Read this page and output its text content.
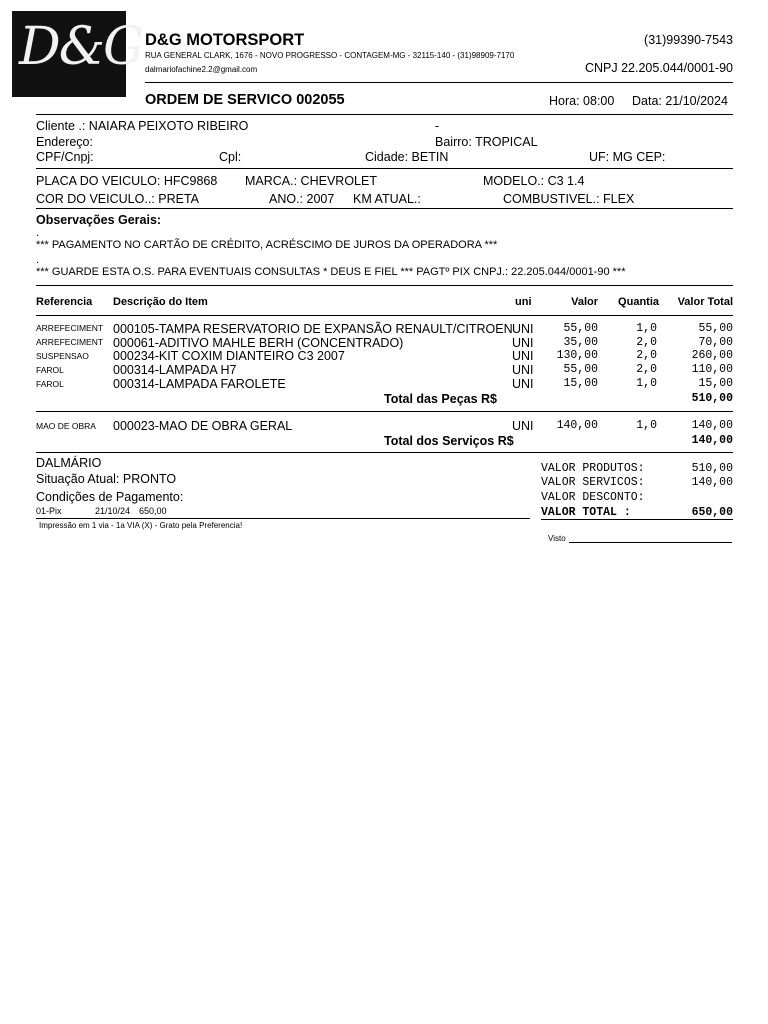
D&G D&G MOTORSPORT	(31)99390-7543
RUA GENERAL CLARK, 1676 - NOVO PROGRESSO - CONTAGEM-MG - 32115-140 - (31)98909-7170
dalmariofachine2.2@gmail.com	CNPJ 22.205.044/0001-90
ORDEM DE SERVICO 002055	Hora: 08:00 Data: 21/10/2024
Cliente .: NAIARA PEIXOTO RIBEIRO	-
Endereço:	Bairro: TROPICAL
CPF/Cnpj:	Cpl:	Cidade: BETIN	UF: MG CEP:
PLACA DO VEICULO: HFC9868 MARCA.: CHEVROLET	MODELO.: C3 1.4
COR DO VEICULO..: PRETA	ANO.: 2007 KM ATUAL.:	COMBUSTIVEL.: FLEX
Observações Gerais:
.
*** PAGAMENTO NO CARTÃO DE CRÉDITO, ACRÉSCIMO DE JUROS DA OPERADORA ***
.
*** GUARDE ESTA O.S. PARA EVENTUAIS CONSULTAS * DEUS E FIEL *** PAGTº PIX CNPJ.: 22.205.044/0001-90 ***
Referencia Descrição do Item	uni	Valor	Quantia	Valor Total
ARREFECIMENT 000105-TAMPA RESERVATORIO DE EXPANSÃO RENAULT/CITROEN UNI	55,00	1,0	55,00
ARREFECIMENT 000061-ADITIVO MAHLE BERH (CONCENTRADO)	UNI	35,00	2,0	70,00
SUSPENSAO 000234-KIT COXIM DIANTEIRO C3 2007	UNI	130,00	2,0	260,00
FAROL	000314-LAMPADA H7	UNI	55,00	2,0	110,00
FAROL	000314-LAMPADA FAROLETE	UNI	15,00	1,0	15,00
Total das Peças R$	510,00
MAO DE OBRA 000023-MAO DE OBRA GERAL	UNI	140,00	1,0	140,00
Total dos Serviços R$	140,00
DALMÁRIO
Situação Atual: PRONTO
Condições de Pagamento:
01-Pix	21/10/24 650,00
VALOR PRODUTOS:	510,00
VALOR SERVICOS:	140,00
VALOR DESCONTO:
VALOR TOTAL :	650,00
Impressão em 1 via - 1a VIA (X) - Grato pela Preferencia!
Visto
